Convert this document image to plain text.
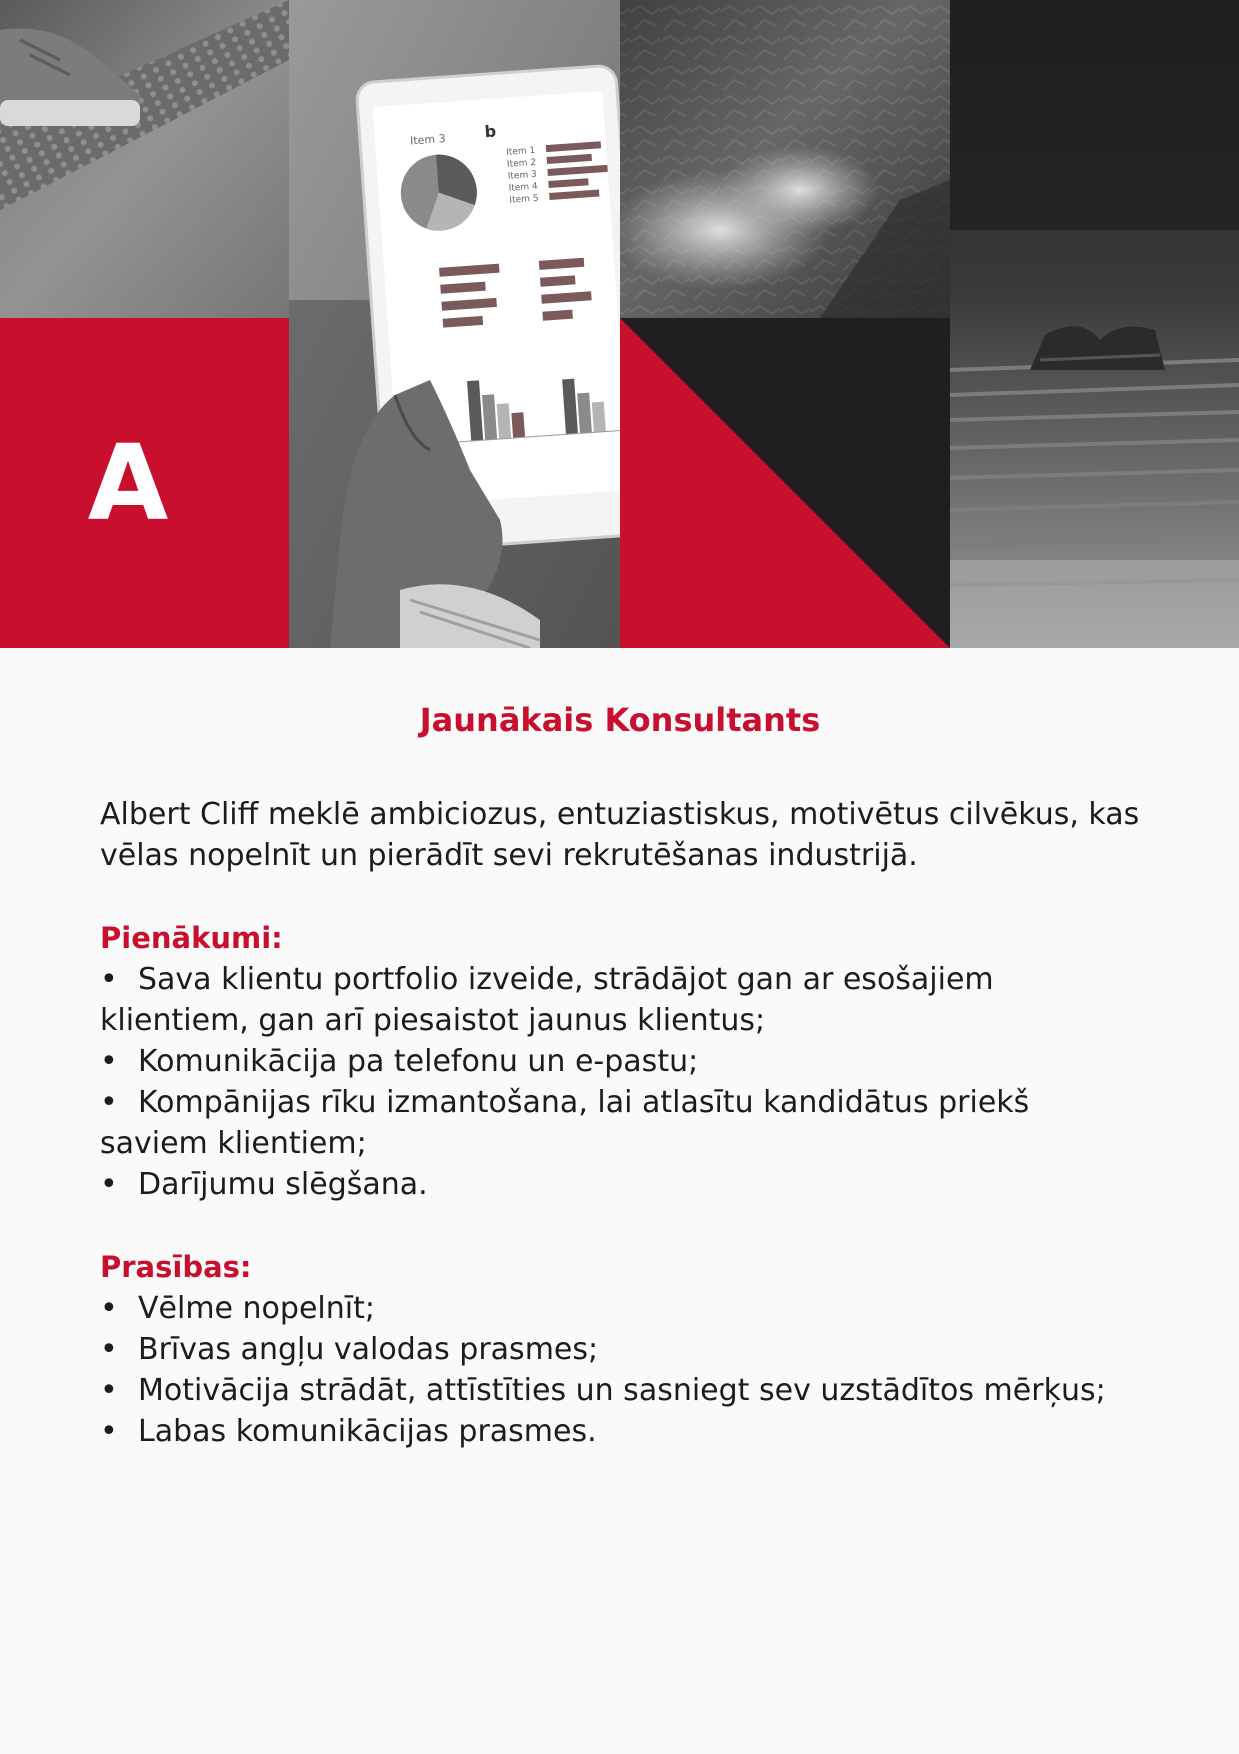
Item 3 b
Item 1
Item 2
Item 3
Item 4
Item 5
A
Jaunākais Konsultants

Albert Cliff meklē ambiciozus, entuziastiskus, motivētus cilvēkus, kas vēlas nopelnīt un pierādīt sevi rekrutēšanas industrijā.

Pienākumi:
• Sava klientu portfolio izveide, strādājot gan ar esošajiem klientiem, gan arī piesaistot jaunus klientus;
• Komunikācija pa telefonu un e-pastu;
• Kompānijas rīku izmantošana, lai atlasītu kandidātus priekš saviem klientiem;
• Darījumu slēgšana.
Prasības:
• Vēlme nopelnīt;
• Brīvas angļu valodas prasmes;
• Motivācija strādāt, attīstīties un sasniegt sev uzstādītos mērķus;
• Labas komunikācijas prasmes.
